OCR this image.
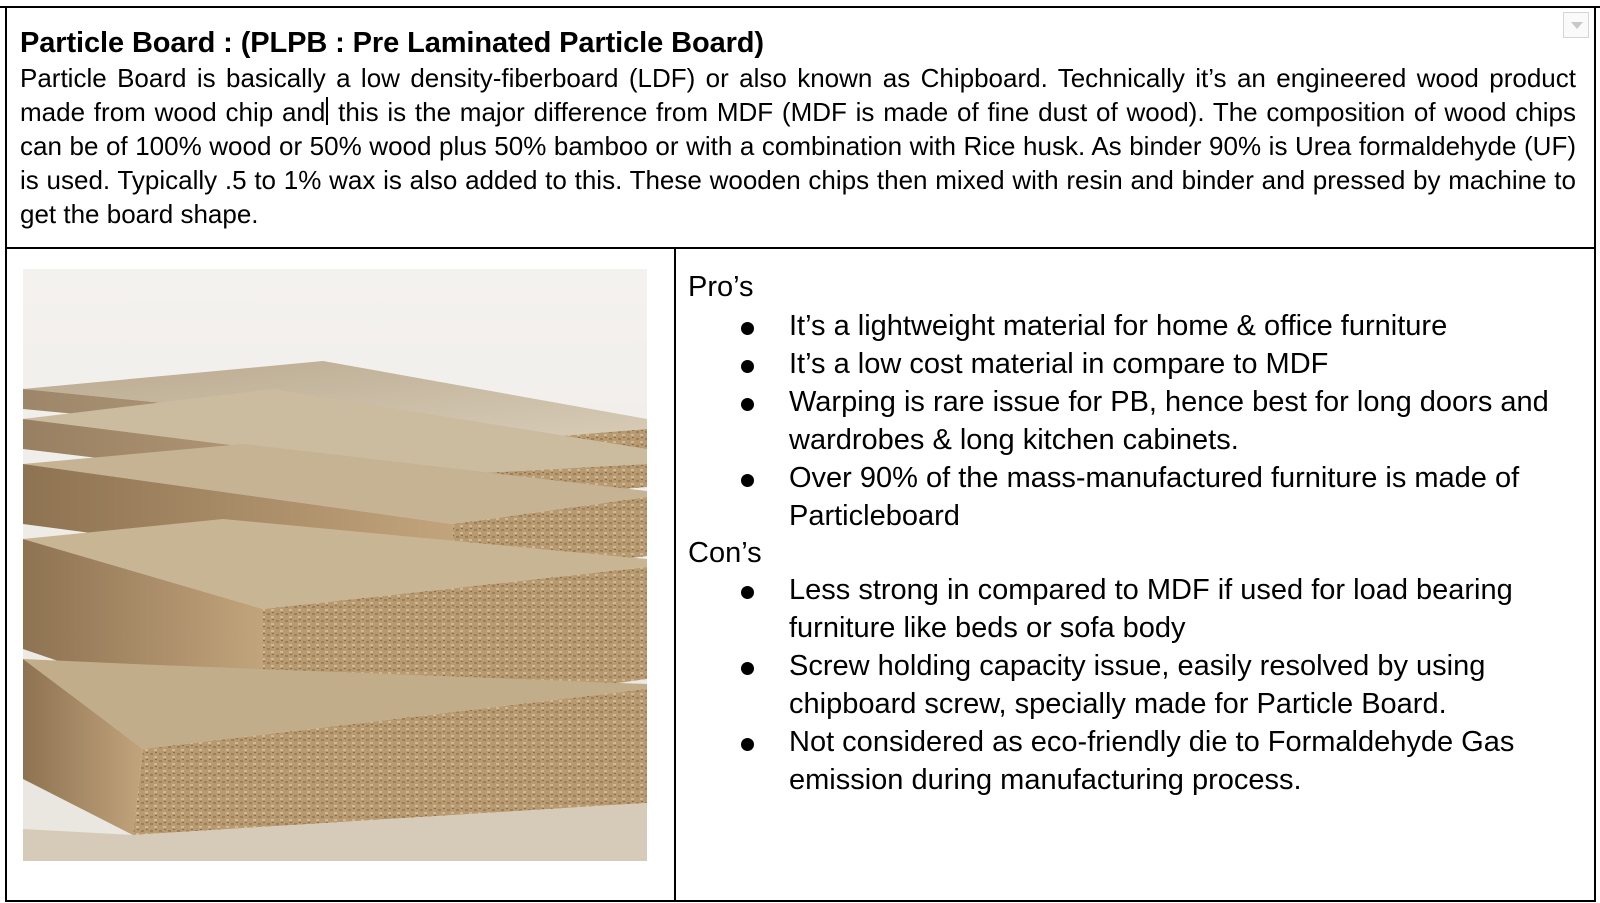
Particle Board : (PLPB : Pre Laminated Particle Board)
Particle Board is basically a low density-fiberboard (LDF) or also known as Chipboard. Technically it’s an engineered wood product made from wood chip and this is the major difference from MDF (MDF is made of fine dust of wood). The composition of wood chips can be of 100% wood or 50% wood plus 50% bamboo or with a combination with Rice husk. As binder 90% is Urea formaldehyde (UF) is used. Typically .5 to 1% wax is also added to this. These wooden chips then mixed with resin and binder and pressed by machine to get the board shape.
Pro’s
It’s a lightweight material for home & office furniture
It’s a low cost material in compare to MDF
Warping is rare issue for PB, hence best for long doors and wardrobes & long kitchen cabinets.
Over 90% of the mass-manufactured furniture is made of Particleboard
Con’s
Less strong in compared to MDF if used for load bearing furniture like beds or sofa body
Screw holding capacity issue, easily resolved by using chipboard screw, specially made for Particle Board.
Not considered as eco-friendly die to Formaldehyde Gas emission during manufacturing process.
